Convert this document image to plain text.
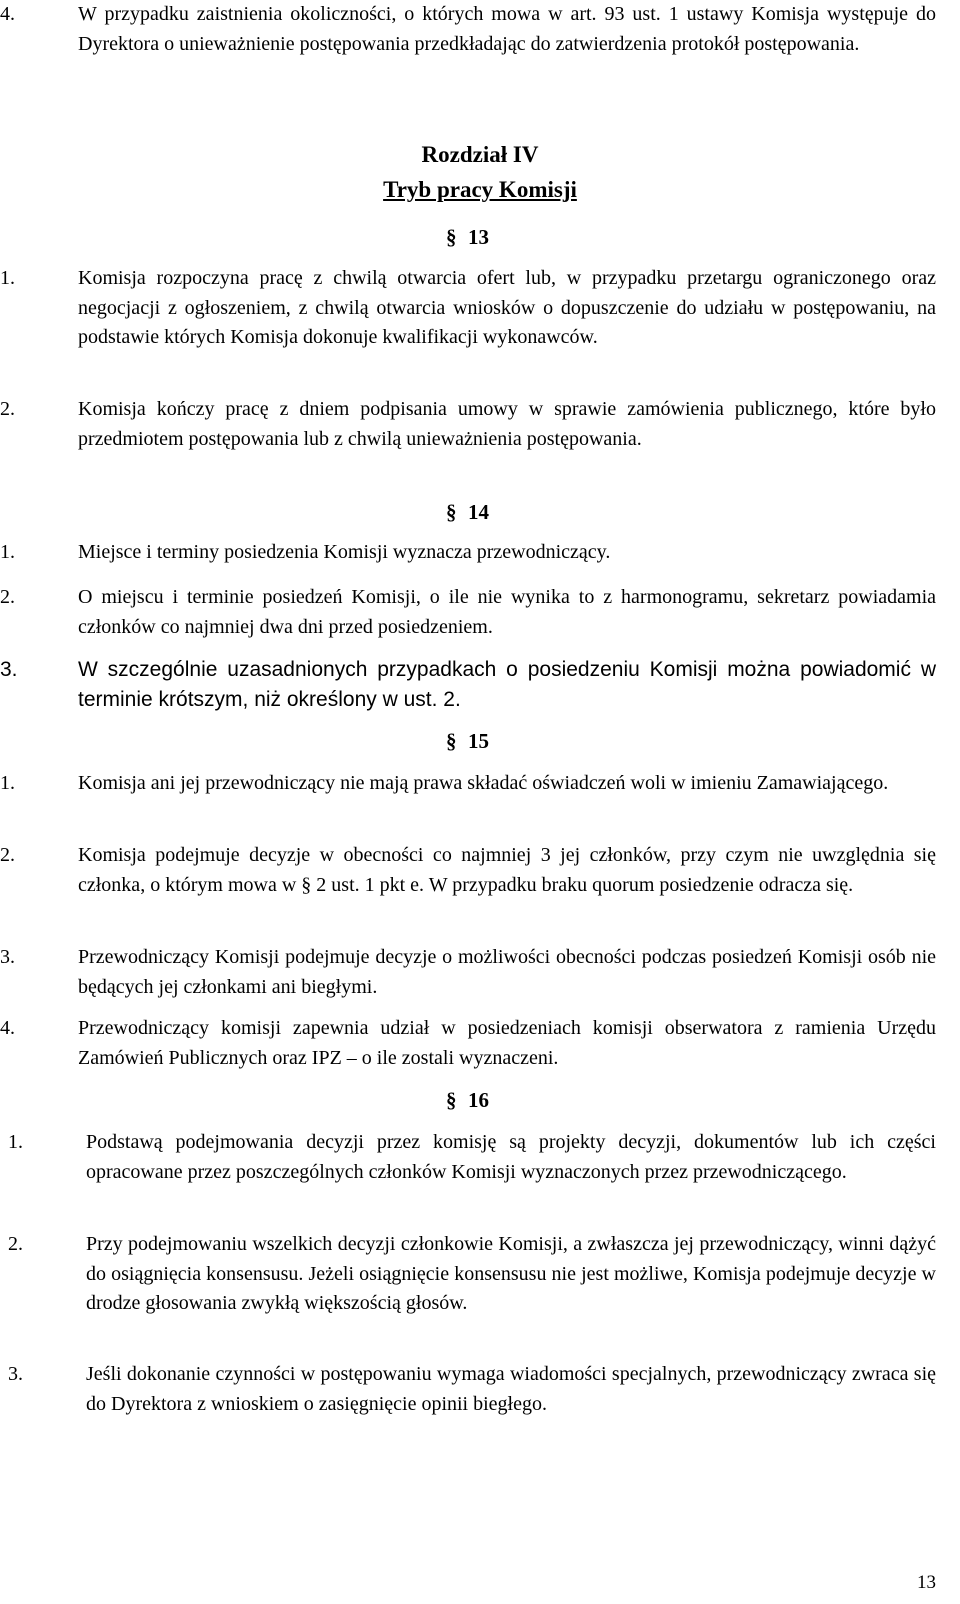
4.	W przypadku zaistnienia okoliczności, o których mowa w art. 93 ust. 1 ustawy Komisja występuje do Dyrektora o unieważnienie postępowania przedkładając do zatwierdzenia protokół postępowania.
Rozdział IV
Tryb pracy Komisji
§ 13
1.	Komisja rozpoczyna pracę z chwilą otwarcia ofert lub, w przypadku przetargu ograniczonego oraz negocjacji z ogłoszeniem, z chwilą otwarcia wniosków o dopuszczenie do udziału w postępowaniu, na podstawie których Komisja dokonuje kwalifikacji wykonawców.
2.	Komisja kończy pracę z dniem podpisania umowy w sprawie zamówienia publicznego, które było przedmiotem postępowania lub z chwilą unieważnienia postępowania.
§ 14
1.	Miejsce i terminy posiedzenia Komisji wyznacza przewodniczący.
2.	O miejscu i terminie posiedzeń Komisji, o ile nie wynika to z harmonogramu, sekretarz powiadamia członków co najmniej dwa dni przed posiedzeniem.
3.	W szczególnie uzasadnionych przypadkach o posiedzeniu Komisji można powiadomić w terminie krótszym, niż określony w ust. 2.
§ 15
1.	Komisja ani jej przewodniczący nie mają prawa składać oświadczeń woli w imieniu Zamawiającego.
2.	Komisja podejmuje decyzje w obecności co najmniej 3 jej członków, przy czym nie uwzględnia się członka, o którym mowa w § 2 ust. 1 pkt e. W przypadku braku quorum posiedzenie odracza się.
3.	Przewodniczący Komisji podejmuje decyzje o możliwości obecności podczas posiedzeń Komisji osób nie będących jej członkami ani biegłymi.
4.	Przewodniczący komisji zapewnia udział w posiedzeniach komisji obserwatora z ramienia Urzędu Zamówień Publicznych oraz IPZ – o ile zostali wyznaczeni.
§ 16
1.	Podstawą podejmowania decyzji przez komisję są projekty decyzji, dokumentów lub ich części opracowane przez poszczególnych członków Komisji wyznaczonych przez przewodniczącego.
2.	Przy podejmowaniu wszelkich decyzji członkowie Komisji, a zwłaszcza jej przewodniczący, winni dążyć do osiągnięcia konsensusu. Jeżeli osiągnięcie konsensusu nie jest możliwe, Komisja podejmuje decyzje w drodze głosowania zwykłą większością głosów.
3.	Jeśli dokonanie czynności w postępowaniu wymaga wiadomości specjalnych, przewodniczący zwraca się do Dyrektora z wnioskiem o zasięgnięcie opinii biegłego.
13
